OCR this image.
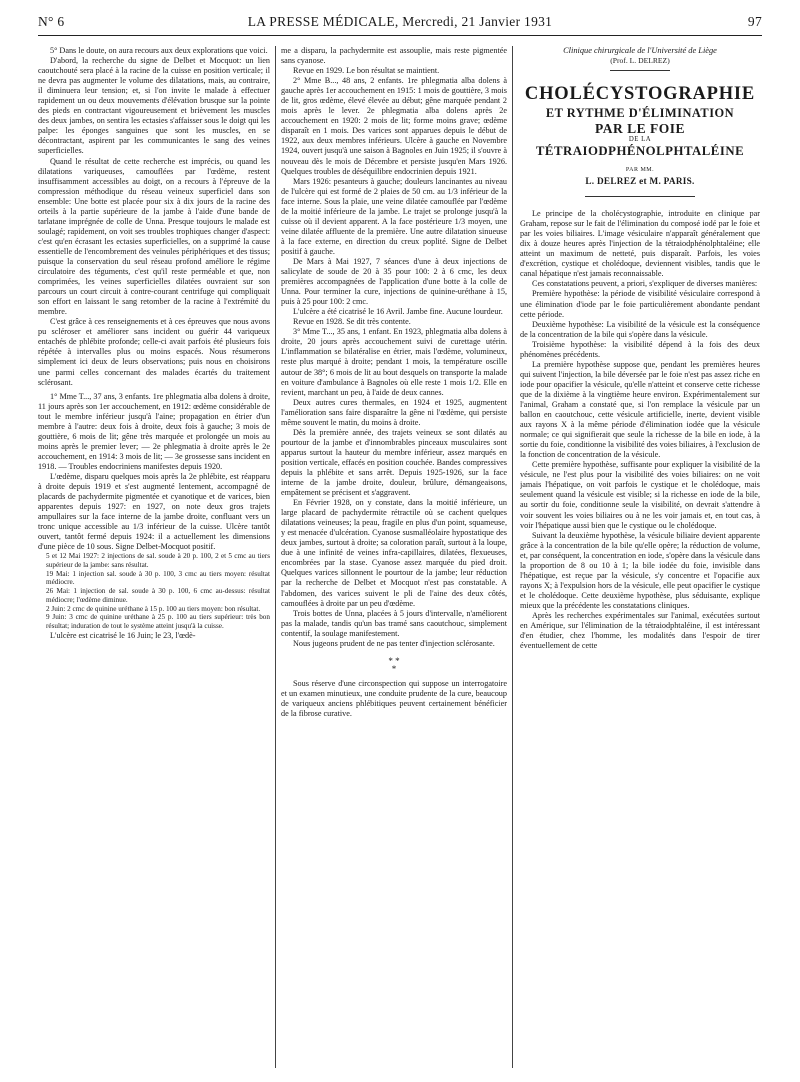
N° 6	LA PRESSE MÉDICALE, Mercredi, 21 Janvier 1931	97

5° Dans le doute, on aura recours aux deux explorations que voici.

D'abord, la recherche du signe de Delbet et Mocquot: un lien caoutchouté sera placé à la racine de la cuisse en position verticale; il ne devra pas augmenter le volume des dilatations, mais, au contraire, il diminuera leur tension; et, si l'on invite le malade à effectuer rapidement un ou deux mouvements d'élévation brusque sur la pointe des pieds en contractant vigoureusement et brièvement les muscles des deux jambes, on sentira les ectasies s'affaisser sous le doigt qui les palpe: les éponges sanguines que sont les muscles, en se décontractant, aspirent par les communicantes le sang des veines superficielles.

Quand le résultat de cette recherche est imprécis, ou quand les dilatations variqueuses, camouflées par l'œdème, restent insuffisamment accessibles au doigt, on a recours à l'épreuve de la compression méthodique du réseau veineux superficiel dans son ensemble: Une botte est placée pour six à dix jours de la racine des orteils à la partie supérieure de la jambe à l'aide d'une bande de tarlatane imprégnée de colle de Unna. Presque toujours le malade est soulagé; rapidement, on voit ses troubles trophiques changer d'aspect: c'est qu'en écrasant les ectasies superficielles, on a supprimé la cause essentielle de l'encombrement des veinules périphériques et des tissus; puisque la conservation du seul réseau profond améliore le régime circulatoire des téguments, c'est qu'il reste perméable et que, non comprimées, les veines superficielles dilatées ouvraient sur son parcours un court circuit à contre-courant centrifuge qui compliquait son effort en laissant le sang retomber de la racine à l'extrémité du membre.

C'est grâce à ces renseignements et à ces épreuves que nous avons pu scléroser et améliorer sans incident ou guérir 44 variqueux entachés de phlébite profonde; celle-ci avait parfois été plusieurs fois répétée à intervalles plus ou moins espacés. Nous résumerons simplement ici deux de leurs observations; puis nous en choisirons une parmi celles concernant des malades écartés du traitement sclérosant.

1° Mme T..., 37 ans, 3 enfants. 1re phlegmatia alba dolens à droite, 11 jours après son 1er accouchement, en 1912: œdème considérable de tout le membre inférieur jusqu'à l'aine; propagation en étrier d'un membre à l'autre: deux fois à droite, deux fois à gauche; 3 mois de gouttière, 6 mois de lit; gêne très marquée et prolongée un mois au moins après le premier lever; — 2e phlegmatia à droite après le 2e accouchement, en 1914: 3 mois de lit; — 3e grossesse sans incident en 1918. — Troubles endocriniens manifestes depuis 1920.

L'œdème, disparu quelques mois après la 2e phlébite, est réapparu à droite depuis 1919 et s'est augmenté lentement, accompagné de placards de pachydermite pigmentée et cyanotique et de varices, bien apparentes depuis 1927: en 1927, on note deux gros trajets ampullaires sur la face interne de la jambe droite, confluant vers un tronc unique accessible au 1/3 inférieur de la cuisse. Ulcère tantôt ouvert, tantôt fermé depuis 1924: il a actuellement les dimensions d'une pièce de 10 sous. Signe Delbet-Mocquot positif.

5 et 12 Mai 1927: 2 injections de sal. soude à 20 p. 100, 2 et 5 cmc au tiers supérieur de la jambe: sans résultat.

19 Mai: 1 injection sal. soude à 30 p. 100, 3 cmc au tiers moyen: résultat médiocre.

26 Mai: 1 injection de sal. soude à 30 p. 100, 6 cmc au-dessus: résultat médiocre; l'œdème diminue.

2 Juin: 2 cmc de quinine uréthane à 15 p. 100 au tiers moyen: bon résultat.

9 Juin: 3 cmc de quinine uréthane à 25 p. 100 au tiers supérieur: très bon résultat; induration de tout le système atteint jusqu'à la cuisse.

L'ulcère est cicatrisé le 16 Juin; le 23, l'œdè-

me a disparu, la pachydermite est assouplie, mais reste pigmentée sans cyanose.

Revue en 1929. Le bon résultat se maintient.

2° Mme B..., 48 ans, 2 enfants. 1re phlegmatia alba dolens à gauche après 1er accouchement en 1915: 1 mois de gouttière, 3 mois de lit, gros œdème, élevé élevée au début; gêne marquée pendant 2 mois après le lever. 2e phlegmatia alba dolens après 2e accouchement en 1920: 2 mois de lit; forme moins grave; œdème disparaît en 1 mois. Des varices sont apparues depuis le début de 1922, aux deux membres inférieurs. Ulcère à gauche en Novembre 1924, ouvert jusqu'à une saison à Bagnoles en Juin 1925; il s'ouvre à nouveau dès le mois de Décembre et persiste jusqu'en Mars 1926. Quelques troubles de déséquilibre endocrinien depuis 1921.

Mars 1926: pesanteurs à gauche; douleurs lancinantes au niveau de l'ulcère qui est formé de 2 plaies de 50 cm. au 1/3 inférieur de la face interne. Sous la plaie, une veine dilatée camouflée par l'œdème de la moitié inférieure de la jambe. Le trajet se prolonge jusqu'à la cuisse où il devient apparent. A la face postérieure 1/3 moyen, une veine dilatée affluente de la première. Une autre dilatation sinueuse à la face externe, en direction du creux poplité. Signe de Delbet positif à gauche.

De Mars à Mai 1927, 7 séances d'une à deux injections de salicylate de soude de 20 à 35 pour 100: 2 à 6 cmc, les deux premières accompagnées de l'application d'une botte à la colle de Unna. Pour terminer la cure, injections de quinine-uréthane à 15, puis à 25 pour 100: 2 cmc.

L'ulcère a été cicatrisé le 16 Avril. Jambe fine. Aucune lourdeur.

Revue en 1928. Se dit très contente.

3° Mme T..., 35 ans, 1 enfant. En 1923, phlegmatia alba dolens à droite, 20 jours après accouchement suivi de curettage utérin. L'inflammation se bilatéralise en étrier, mais l'œdème, volumineux, reste plus marqué à droite; pendant 1 mois, la température oscille autour de 38°; 6 mois de lit au bout desquels on transporte la malade en voiture d'ambulance à Bagnoles où elle reste 1 mois 1/2. Elle en revient, marchant un peu, à l'aide de deux cannes.

Deux autres cures thermales, en 1924 et 1925, augmentent l'amélioration sans faire disparaître la gêne ni l'œdème, qui persiste même souvent le matin, du moins à droite.

Dès la première année, des trajets veineux se sont dilatés au pourtour de la jambe et d'innombrables pinceaux musculaires sont apparus surtout la hauteur du membre inférieur, assez marqués en position verticale, effacés en position couchée. Bandes compressives depuis la phlébite et sans arrêt. Depuis 1925-1926, sur la face interne de la jambe droite, douleur, brûlure, démangeaisons, empâtement se précisent et s'aggravent.

En Février 1928, on y constate, dans la moitié inférieure, un large placard de pachydermite rétractile où se cachent quelques dilatations veineuses; la peau, fragile en plus d'un point, squameuse, y est menacée d'ulcération. Cyanose susmalléolaire hypostatique des deux jambes, surtout à droite; sa coloration paraît, surtout à la loupe, due à une infinité de veines infra-capillaires, dilatées, flexueuses, encombrées par la stase. Cyanose assez marquée du pied droit. Quelques varices sillonnent le pourtour de la jambe; leur réduction par la recherche de Delbet et Mocquot n'est pas constatable. A l'abdomen, des varices suivent le pli de l'aine des deux côtés, camouflées à droite par un peu d'œdème.

Trois bottes de Unna, placées à 5 jours d'intervalle, n'améliorent pas la malade, tandis qu'un bas tramé sans caoutchouc, simplement contentif, la soulage manifestement.

Nous jugeons prudent de ne pas tenter d'injection sclérosante.

* *
*

Sous réserve d'une circonspection qui suppose un interrogatoire et un examen minutieux, une conduite prudente de la cure, beaucoup de variqueux anciens phlébitiques peuvent certainement bénéficier de la fibrose curative.

Clinique chirurgicale de l'Université de Liège
(Prof. L. DELREZ)
CHOLÉCYSTOGRAPHIE
ET RYTHME D'ÉLIMINATION
PAR LE FOIE
DE LA
TÉTRAIODPHÉNOLPHTALÉINE
PAR MM.
L. DELREZ et M. PARIS.

Le principe de la cholécystographie, introduite en clinique par Graham, repose sur le fait de l'élimination du composé iodé par le foie et par les voies biliaires. L'image vésiculaire n'apparaît généralement que dix à douze heures après l'injection de la tétraiodphénolphtaléine; elle atteint un maximum de netteté, puis disparaît. Parfois, les voies d'excrétion, cystique et cholédoque, deviennent visibles, tandis que le canal hépatique n'est jamais reconnaissable.

Ces constatations peuvent, a priori, s'expliquer de diverses manières:

Première hypothèse: la période de visibilité vésiculaire correspond à une élimination d'iode par le foie particulièrement abondante pendant cette période.

Deuxième hypothèse: La visibilité de la vésicule est la conséquence de la concentration de la bile qui s'opère dans la vésicule.

Troisième hypothèse: la visibilité dépend à la fois des deux phénomènes précédents.

La première hypothèse suppose que, pendant les premières heures qui suivent l'injection, la bile déversée par le foie n'est pas assez riche en iode pour opacifier la vésicule, qu'elle n'atteint et conserve cette richesse que de la dixième à la vingtième heure environ. Expérimentalement sur l'animal, Graham a constaté que, si l'on remplace la vésicule par un ballon en caoutchouc, cette vésicule artificielle, inerte, devient visible aux rayons X à la même période d'élimination iodée que la vésicule normale; ce qui signifierait que seule la richesse de la bile en iode, à la sortie du foie, conditionne la visibilité des voies biliaires, à l'exclusion de la fonction de concentration de la vésicule.

Cette première hypothèse, suffisante pour expliquer la visibilité de la vésicule, ne l'est plus pour la visibilité des voies biliaires: on ne voit jamais l'hépatique, on voit parfois le cystique et le cholédoque, mais seulement quand la vésicule est visible; si la richesse en iode de la bile, au sortir du foie, conditionne seule la visibilité, on devrait s'attendre à voir souvent les voies biliaires ou à ne les voir jamais et, en tout cas, à voir l'hépatique aussi bien que le cystique ou le cholédoque.

Suivant la deuxième hypothèse, la vésicule biliaire devient apparente grâce à la concentration de la bile qu'elle opère; la réduction de volume, et, par conséquent, la concentration en iode, s'opère dans la vésicule dans la proportion de 8 ou 10 à 1; la bile iodée du foie, invisible dans l'hépatique, est reçue par la vésicule, s'y concentre et l'opacifie aux rayons X; à l'expulsion hors de la vésicule, elle peut opacifier le cystique et le cholédoque. Cette deuxième hypothèse, plus séduisante, explique mieux que la précédente les constatations cliniques.

Après les recherches expérimentales sur l'animal, exécutées surtout en Amérique, sur l'élimination de la tétraiodphtaléine, il est intéressant d'en étudier, chez l'homme, les modalités dans l'espoir de tirer éventuellement de cette
